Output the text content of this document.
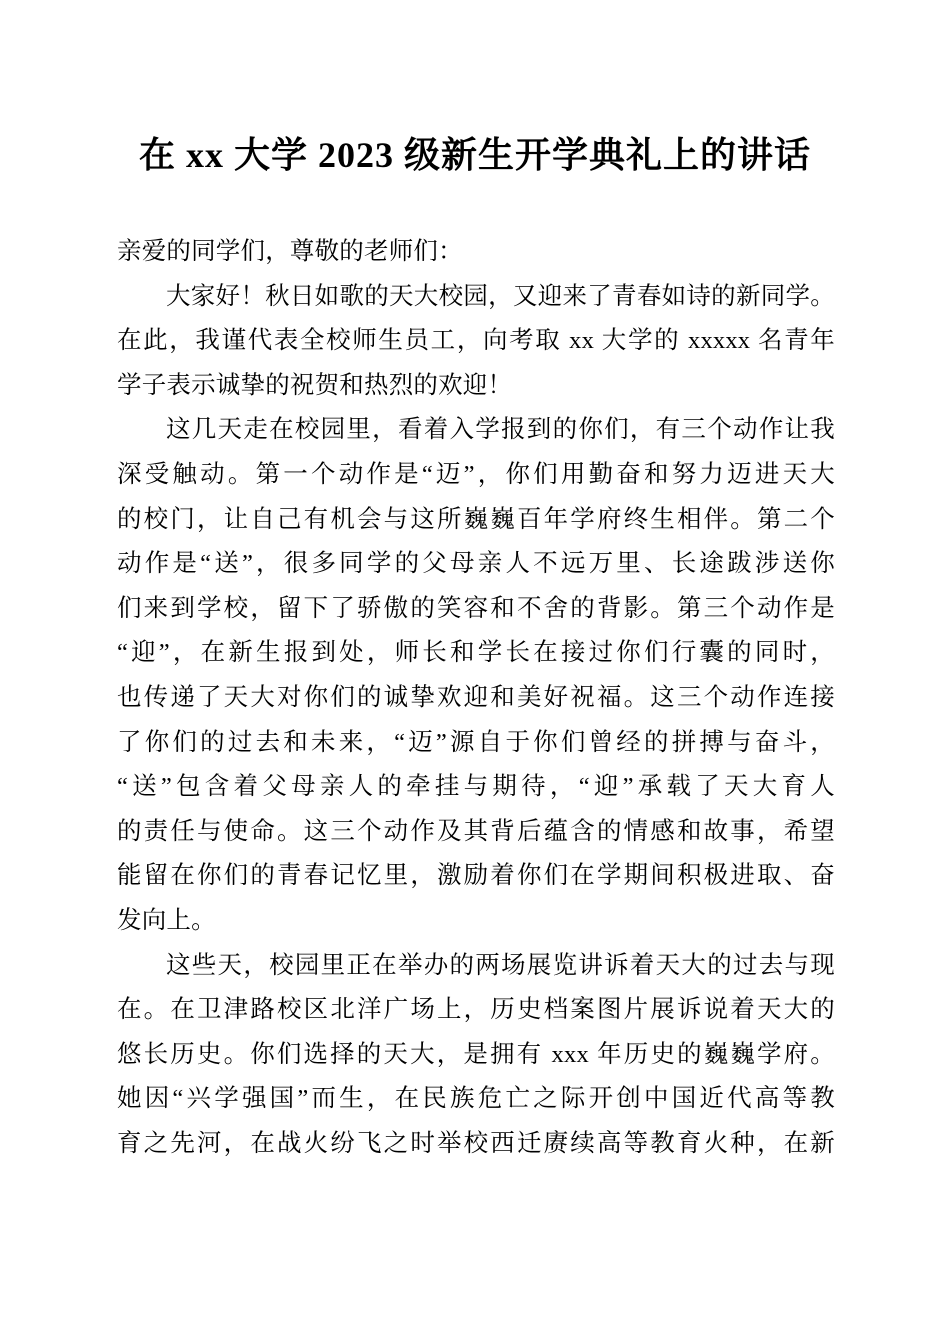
在 xx 大学 2023 级新生开学典礼上的讲话
亲爱的同学们，尊敬的老师们：
大家好！秋日如歌的天大校园，又迎来了青春如诗的新同学。
在此，我谨代表全校师生员工，向考取 xx 大学的 xxxxx 名青年
学子表示诚挚的祝贺和热烈的欢迎！
这几天走在校园里，看着入学报到的你们，有三个动作让我
深受触动。第一个动作是“迈”，你们用勤奋和努力迈进天大
的校门，让自己有机会与这所巍巍百年学府终生相伴。第二个
动作是“送”，很多同学的父母亲人不远万里、长途跋涉送你
们来到学校，留下了骄傲的笑容和不舍的背影。第三个动作是
“迎”，在新生报到处，师长和学长在接过你们行囊的同时，
也传递了天大对你们的诚挚欢迎和美好祝福。这三个动作连接
了你们的过去和未来，“迈”源自于你们曾经的拼搏与奋斗，
“送”包含着父母亲人的牵挂与期待，“迎”承载了天大育人
的责任与使命。这三个动作及其背后蕴含的情感和故事，希望
能留在你们的青春记忆里，激励着你们在学期间积极进取、奋
发向上。
这些天，校园里正在举办的两场展览讲诉着天大的过去与现
在。在卫津路校区北洋广场上，历史档案图片展诉说着天大的
悠长历史。你们选择的天大，是拥有 xxx 年历史的巍巍学府。
她因“兴学强国”而生，在民族危亡之际开创中国近代高等教
育之先河，在战火纷飞之时举校西迁赓续高等教育火种，在新
